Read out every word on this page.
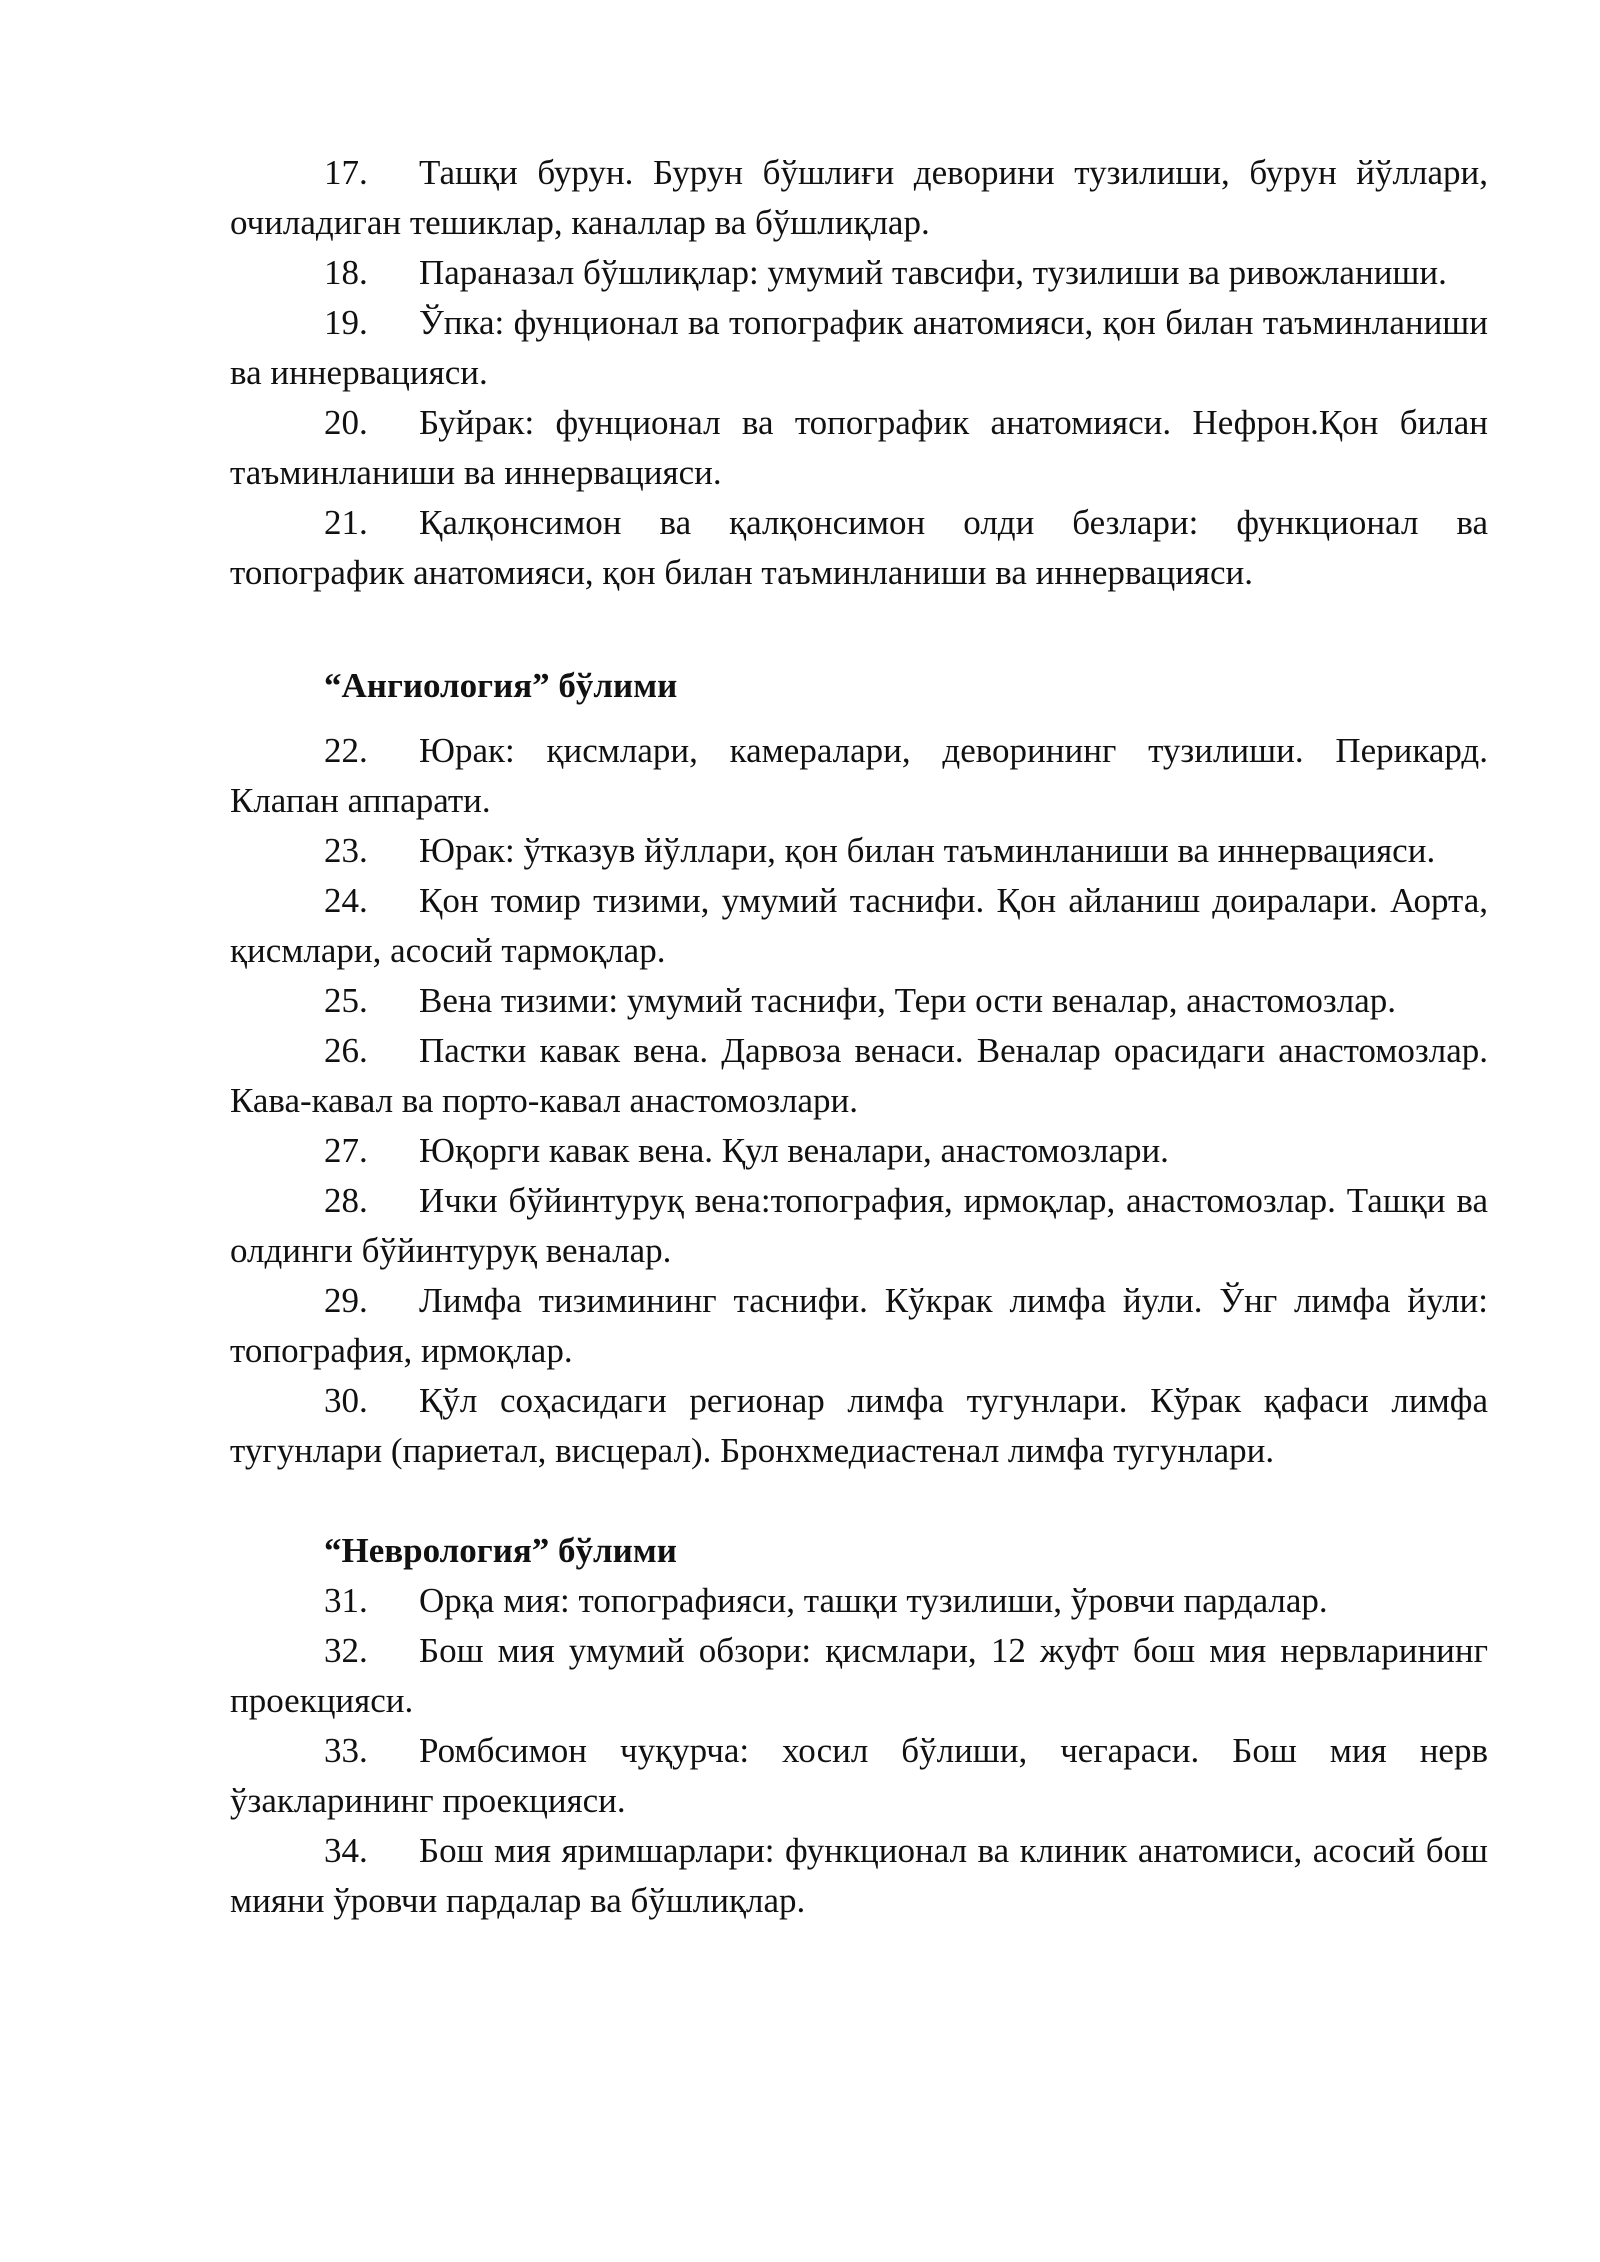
17. Ташқи бурун. Бурун бўшлиғи деворини тузилиши, бурун йўллари, очиладиган тешиклар, каналлар ва бўшлиқлар.

18. Параназал бўшлиқлар: умумий тавсифи, тузилиши ва ривожланиши.

19. Ўпка: фунционал ва топографик анатомияси, қон билан таъминланиши ва иннервацияси.

20. Буйрак: фунционал ва топографик анатомияси. Нефрон.Қон билан таъминланиши ва иннервацияси.

21. Қалқонсимон ва қалқонсимон олди безлари: функционал ва топографик анатомияси, қон билан таъминланиши ва иннервацияси.

“Ангиология” бўлими

22. Юрак: қисмлари, камералари, деворининг тузилиши. Перикард. Клапан аппарати.

23. Юрак: ўтказув йўллари, қон билан таъминланиши ва иннервацияси.

24. Қон томир тизими, умумий таснифи. Қон айланиш доиралари. Аорта, қисмлари, асосий тармоқлар.

25. Вена тизими: умумий таснифи, Тери ости веналар, анастомозлар.

26. Пастки кавак вена. Дарвоза венаси. Веналар орасидаги анастомозлар. Кава-кавал ва порто-кавал анастомозлари.

27. Юқорги кавак вена. Қул веналари, анастомозлари.

28. Ички бўйинтуруқ вена:топография, ирмоқлар, анастомозлар. Ташқи ва олдинги бўйинтуруқ веналар.

29. Лимфа тизимининг таснифи. Кўкрак лимфа йули. Ўнг лимфа йули: топография, ирмоқлар.

30. Қўл соҳасидаги регионар лимфа тугунлари. Кўрак қафаси лимфа тугунлари (париетал, висцерал). Бронхмедиастенал лимфа тугунлари.

“Неврология” бўлими

31. Орқа мия: топографияси, ташқи тузилиши, ўровчи пардалар.

32. Бош мия умумий обзори: қисмлари, 12 жуфт бош мия нервларининг проекцияси.

33. Ромбсимон чуқурча: хосил бўлиши, чегараси. Бош мия нерв ўзакларининг проекцияси.

34. Бош мия яримшарлари: функционал ва клиник анатомиси, асосий бош мияни ўровчи пардалар ва бўшлиқлар.
